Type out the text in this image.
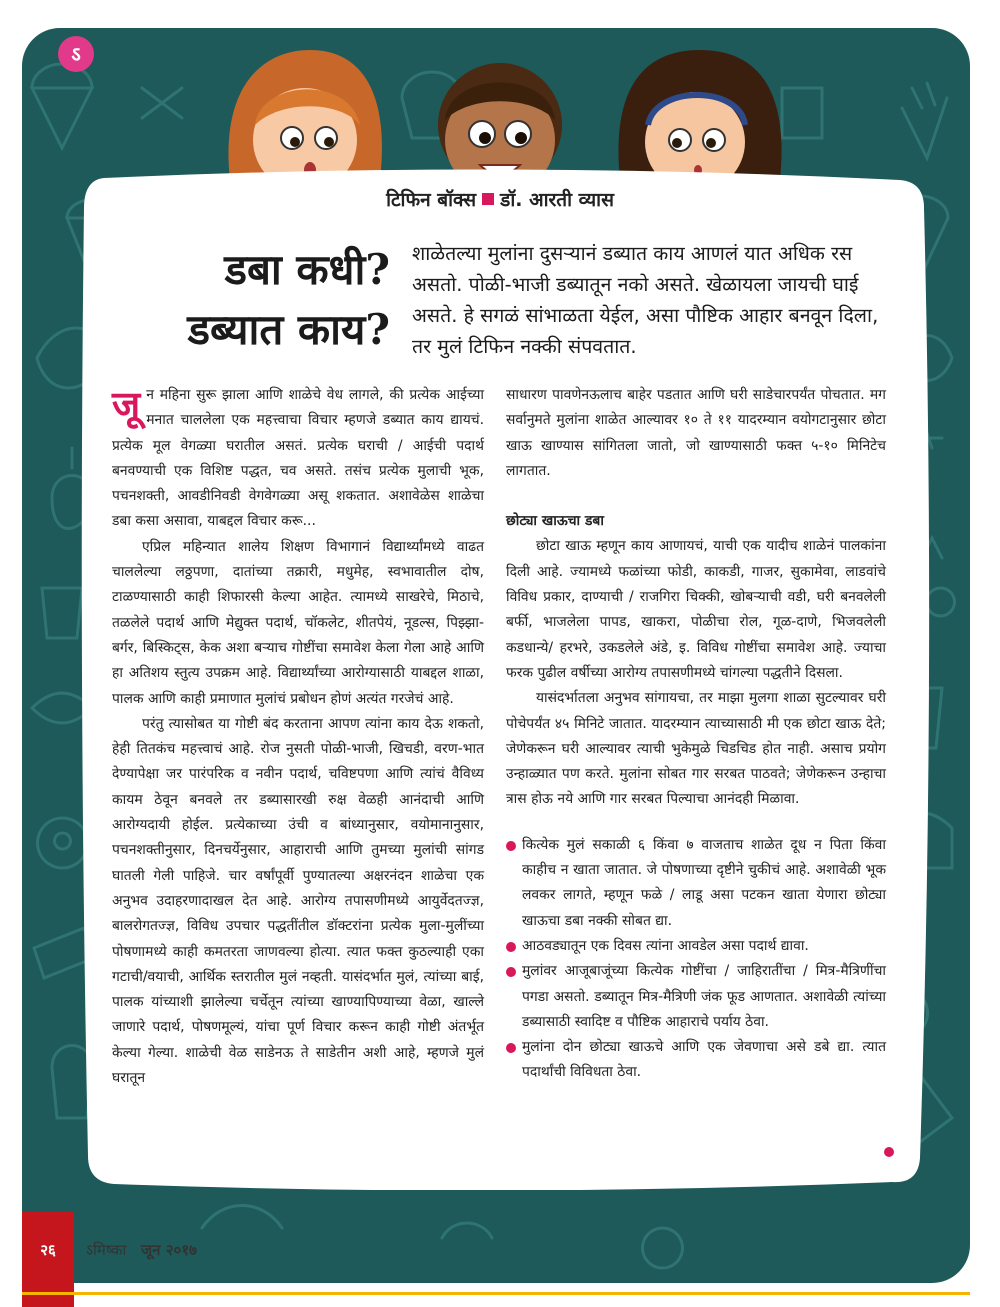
ऽ
टिफिन बॉक्स डॉ. आरती व्यास
डबा कधी?
डब्यात काय?
शाळेतल्या मुलांना दुसऱ्यानं डब्यात काय आणलं यात अधिक रस असतो. पोळी-भाजी डब्यातून नको असते. खेळायला जायची घाई असते. हे सगळं सांभाळता येईल, असा पौष्टिक आहार बनवून दिला, तर मुलं टिफिन नक्की संपवतात.

जून महिना सुरू झाला आणि शाळेचे वेध लागले, की प्रत्येक आईच्या मनात चाललेला एक महत्त्वाचा विचार म्हणजे डब्यात काय द्यायचं. प्रत्येक मूल वेगळ्या घरातील असतं. प्रत्येक घराची / आईची पदार्थ बनवण्याची एक विशिष्ट पद्धत, चव असते. तसंच प्रत्येक मुलाची भूक, पचनशक्ती, आवडीनिवडी वेगवेगळ्या असू शकतात. अशावेळेस शाळेचा डबा कसा असावा, याबद्दल विचार करू...

एप्रिल महिन्यात शालेय शिक्षण विभागानं विद्यार्थ्यांमध्ये वाढत चाललेल्या लठ्ठपणा, दातांच्या तक्रारी, मधुमेह, स्वभावातील दोष, टाळण्यासाठी काही शिफारसी केल्या आहेत. त्यामध्ये साखरेचे, मिठाचे, तळलेले पदार्थ आणि मेद्युक्त पदार्थ, चॉकलेट, शीतपेयं, नूडल्स, पिझ्झा-बर्गर, बिस्किट्स, केक अशा बऱ्याच गोष्टींचा समावेश केला गेला आहे आणि हा अतिशय स्तुत्य उपक्रम आहे. विद्यार्थ्यांच्या आरोग्यासाठी याबद्दल शाळा, पालक आणि काही प्रमाणात मुलांचं प्रबोधन होणं अत्यंत गरजेचं आहे.

परंतु त्यासोबत या गोष्टी बंद करताना आपण त्यांना काय देऊ शकतो, हेही तितकंच महत्त्वाचं आहे. रोज नुसती पोळी-भाजी, खिचडी, वरण-भात देण्यापेक्षा जर पारंपरिक व नवीन पदार्थ, चविष्टपणा आणि त्यांचं वैविध्य कायम ठेवून बनवले तर डब्यासारखी रुक्ष वेळही आनंदाची आणि आरोग्यदायी होईल. प्रत्येकाच्या उंची व बांध्यानुसार, वयोमानानुसार, पचनशक्तीनुसार, दिनचर्येनुसार, आहाराची आणि तुमच्या मुलांची सांगड घातली गेली पाहिजे. चार वर्षांपूर्वी पुण्यातल्या अक्षरनंदन शाळेचा एक अनुभव उदाहरणादाखल देत आहे. आरोग्य तपासणीमध्ये आयुर्वेदतज्ज्ञ, बालरोगतज्ज्ञ, विविध उपचार पद्धतींतील डॉक्टरांना प्रत्येक मुला-मुलींच्या पोषणामध्ये काही कमतरता जाणवल्या होत्या. त्यात फक्त कुठल्याही एका गटाची/वयाची, आर्थिक स्तरातील मुलं नव्हती. यासंदर्भात मुलं, त्यांच्या बाई, पालक यांच्याशी झालेल्या चर्चेतून त्यांच्या खाण्यापिण्याच्या वेळा, खाल्ले जाणारे पदार्थ, पोषणमूल्यं, यांचा पूर्ण विचार करून काही गोष्टी अंतर्भूत केल्या गेल्या. शाळेची वेळ साडेनऊ ते साडेतीन अशी आहे, म्हणजे मुलं घरातून

साधारण पावणेनऊलाच बाहेर पडतात आणि घरी साडेचारपर्यंत पोचतात. मग सर्वानुमते मुलांना शाळेत आल्यावर १० ते ११ यादरम्यान वयोगटानुसार छोटा खाऊ खाण्यास सांगितला जातो, जो खाण्यासाठी फक्त ५-१० मिनिटेच लागतात.

छोट्या खाऊचा डबा

छोटा खाऊ म्हणून काय आणायचं, याची एक यादीच शाळेनं पालकांना दिली आहे. ज्यामध्ये फळांच्या फोडी, काकडी, गाजर, सुकामेवा, लाडवांचे विविध प्रकार, दाण्याची / राजगिरा चिक्की, खोबऱ्याची वडी, घरी बनवलेली बर्फी, भाजलेला पापड, खाकरा, पोळीचा रोल, गूळ-दाणे, भिजवलेली कडधान्ये/ हरभरे, उकडलेले अंडे, इ. विविध गोष्टींचा समावेश आहे. ज्याचा फरक पुढील वर्षीच्या आरोग्य तपासणीमध्ये चांगल्या पद्धतीने दिसला.

यासंदर्भातला अनुभव सांगायचा, तर माझा मुलगा शाळा सुटल्यावर घरी पोचेपर्यंत ४५ मिनिटे जातात. यादरम्यान त्याच्यासाठी मी एक छोटा खाऊ देते; जेणेकरून घरी आल्यावर त्याची भुकेमुळे चिडचिड होत नाही. असाच प्रयोग उन्हाळ्यात पण करते. मुलांना सोबत गार सरबत पाठवते; जेणेकरून उन्हाचा त्रास होऊ नये आणि गार सरबत पिल्याचा आनंदही मिळावा.

कित्येक मुलं सकाळी ६ किंवा ७ वाजताच शाळेत दूध न पिता किंवा काहीच न खाता जातात. जे पोषणाच्या दृष्टीने चुकीचं आहे. अशावेळी भूक लवकर लागते, म्हणून फळे / लाडू असा पटकन खाता येणारा छोट्या खाऊचा डबा नक्की सोबत द्या.
आठवड्यातून एक दिवस त्यांना आवडेल असा पदार्थ द्यावा.
मुलांवर आजूबाजूंच्या कित्येक गोष्टींचा / जाहिरातींचा / मित्र-मैत्रिणींचा पगडा असतो. डब्यातून मित्र-मैत्रिणी जंक फूड आणतात. अशावेळी त्यांच्या डब्यासाठी स्वादिष्ट व पौष्टिक आहाराचे पर्याय ठेवा.
मुलांना दोन छोट्या खाऊचे आणि एक जेवणाचा असे डबे द्या. त्यात पदार्थांची विविधता ठेवा.
२६	ऽमिष्का जून २०१७
